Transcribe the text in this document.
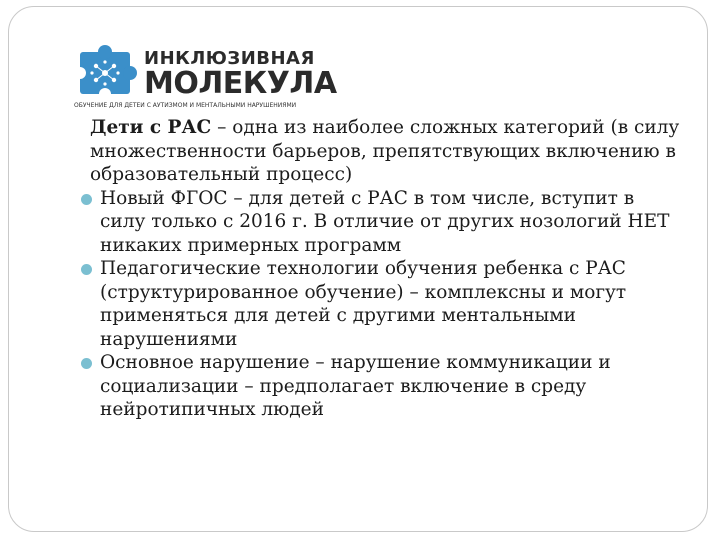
ИНКЛЮЗИВНАЯ
МОЛЕКУЛА
ОБУЧЕНИЕ ДЛЯ ДЕТЕЙ С АУТИЗМОМ И МЕНТАЛЬНЫМИ НАРУШЕНИЯМИ
Дети с РАС – одна из наиболее сложных категорий (в силу множественности барьеров, препятствующих включению в образовательный процесс)
Новый ФГОС – для детей с РАС в том числе, вступит в силу только с 2016 г. В отличие от других нозологий НЕТ никаких примерных программ
Педагогические технологии обучения ребенка с РАС (структурированное обучение) – комплексны и могут применяться для детей с другими ментальными нарушениями
Основное нарушение – нарушение коммуникации и социализации – предполагает включение в среду нейротипичных людей
